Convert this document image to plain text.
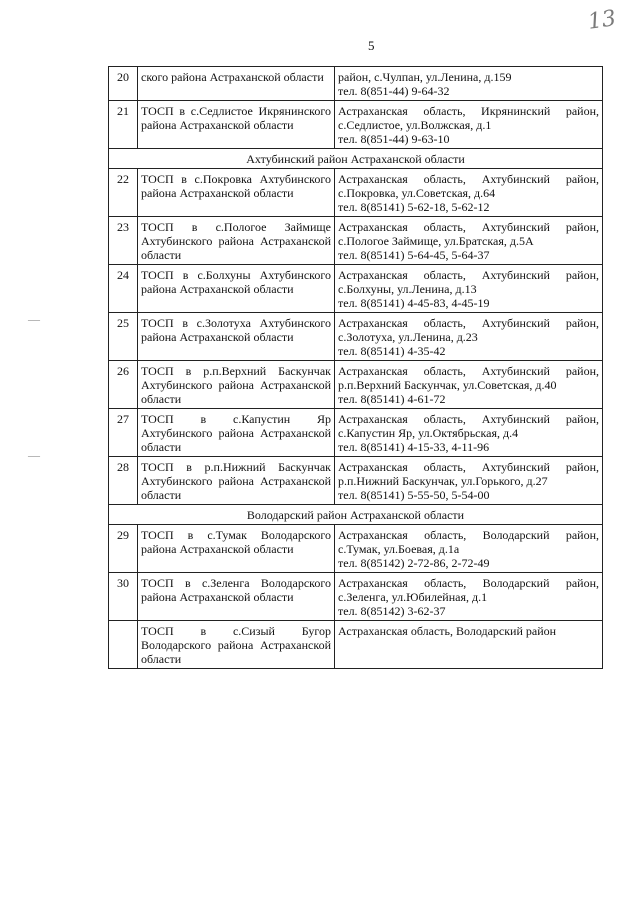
5
13
—
—
20	ского района Астраханской области	район, с.Чулпан, ул.Ленина, д.159
тел. 8(851-44) 9-64-32

21	ТОСП в с.Седлистое Икрянинского района Астраханской области	Астраханская область, Икрянинский район, с.Седлистое, ул.Волжская, д.1
тел. 8(851-44) 9-63-10

Ахтубинский район Астраханской области		
22	ТОСП в с.Покровка Ахтубинского района Астраханской области	Астраханская область, Ахтубинский район, с.Покровка, ул.Советская, д.64
тел. 8(85141) 5-62-18, 5-62-12

23	ТОСП в с.Пологое Займище Ахтубинского района Астраханской области	Астраханская область, Ахтубинский район, с.Пологое Займище, ул.Братская, д.5А
тел. 8(85141) 5-64-45, 5-64-37

24	ТОСП в с.Болхуны Ахтубинского района Астраханской области	Астраханская область, Ахтубинский район, с.Болхуны, ул.Ленина, д.13
тел. 8(85141) 4-45-83, 4-45-19

25	ТОСП в с.Золотуха Ахтубинского района Астраханской области	Астраханская область, Ахтубинский район, с.Золотуха, ул.Ленина, д.23
тел. 8(85141) 4-35-42

26	ТОСП в р.п.Верхний Баскунчак Ахтубинского района Астраханской области	Астраханская область, Ахтубинский район, р.п.Верхний Баскунчак, ул.Советская, д.40
тел. 8(85141) 4-61-72

27	ТОСП в с.Капустин Яр Ахтубинского района Астраханской области	Астраханская область, Ахтубинский район, с.Капустин Яр, ул.Октябрьская, д.4
тел. 8(85141) 4-15-33, 4-11-96

28	ТОСП в р.п.Нижний Баскунчак Ахтубинского района Астраханской области	Астраханская область, Ахтубинский район, р.п.Нижний Баскунчак, ул.Горького, д.27
тел. 8(85141) 5-55-50, 5-54-00

Володарский район Астраханской области		
29	ТОСП в с.Тумак Володарского района Астраханской области	Астраханская область, Володарский район, с.Тумак, ул.Боевая, д.1а
тел. 8(85142) 2-72-86, 2-72-49

30	ТОСП в с.Зеленга Володарского района Астраханской области	Астраханская область, Володарский район, с.Зеленга, ул.Юбилейная, д.1
тел. 8(85142) 3-62-37

	ТОСП в с.Сизый Бугор Володарского района Астраханской области	Астраханская область, Володарский район
